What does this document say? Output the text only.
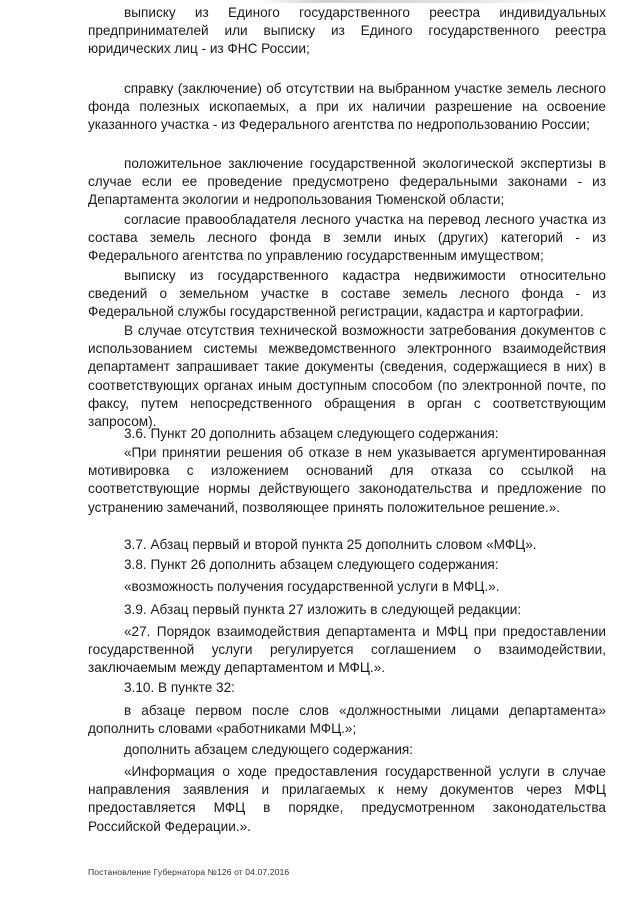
выписку из Единого государственного реестра индивидуальных предпринимателей или выписку из Единого государственного реестра юридических лиц - из ФНС России;

справку (заключение) об отсутствии на выбранном участке земель лесного фонда полезных ископаемых, а при их наличии разрешение на освоение указанного участка - из Федерального агентства по недропользованию России;

положительное заключение государственной экологической экспертизы в случае если ее проведение предусмотрено федеральными законами - из Департамента экологии и недропользования Тюменской области;

согласие правообладателя лесного участка на перевод лесного участка из состава земель лесного фонда в земли иных (других) категорий - из Федерального агентства по управлению государственным имуществом;

выписку из государственного кадастра недвижимости относительно сведений о земельном участке в составе земель лесного фонда - из Федеральной службы государственной регистрации, кадастра и картографии.

В случае отсутствия технической возможности затребования документов с использованием системы межведомственного электронного взаимодействия департамент запрашивает такие документы (сведения, содержащиеся в них) в соответствующих органах иным доступным способом (по электронной почте, по факсу, путем непосредственного обращения в орган с соответствующим запросом).

3.6. Пункт 20 дополнить абзацем следующего содержания:

«При принятии решения об отказе в нем указывается аргументированная мотивировка с изложением оснований для отказа со ссылкой на соответствующие нормы действующего законодательства и предложение по устранению замечаний, позволяющее принять положительное решение.».

3.7. Абзац первый и второй пункта 25 дополнить словом «МФЦ».

3.8. Пункт 26 дополнить абзацем следующего содержания:

«возможность получения государственной услуги в МФЦ.».

3.9. Абзац первый пункта 27 изложить в следующей редакции:

«27. Порядок взаимодействия департамента и МФЦ при предоставлении государственной услуги регулируется соглашением о взаимодействии, заключаемым между департаментом и МФЦ.».

3.10. В пункте 32:

в абзаце первом после слов «должностными лицами департамента» дополнить словами «работниками МФЦ.»;

дополнить абзацем следующего содержания:

«Информация о ходе предоставления государственной услуги в случае направления заявления и прилагаемых к нему документов через МФЦ предоставляется МФЦ в порядке, предусмотренном законодательства Российской Федерации.».

Постановление Губернатора №126 от 04.07.2016
